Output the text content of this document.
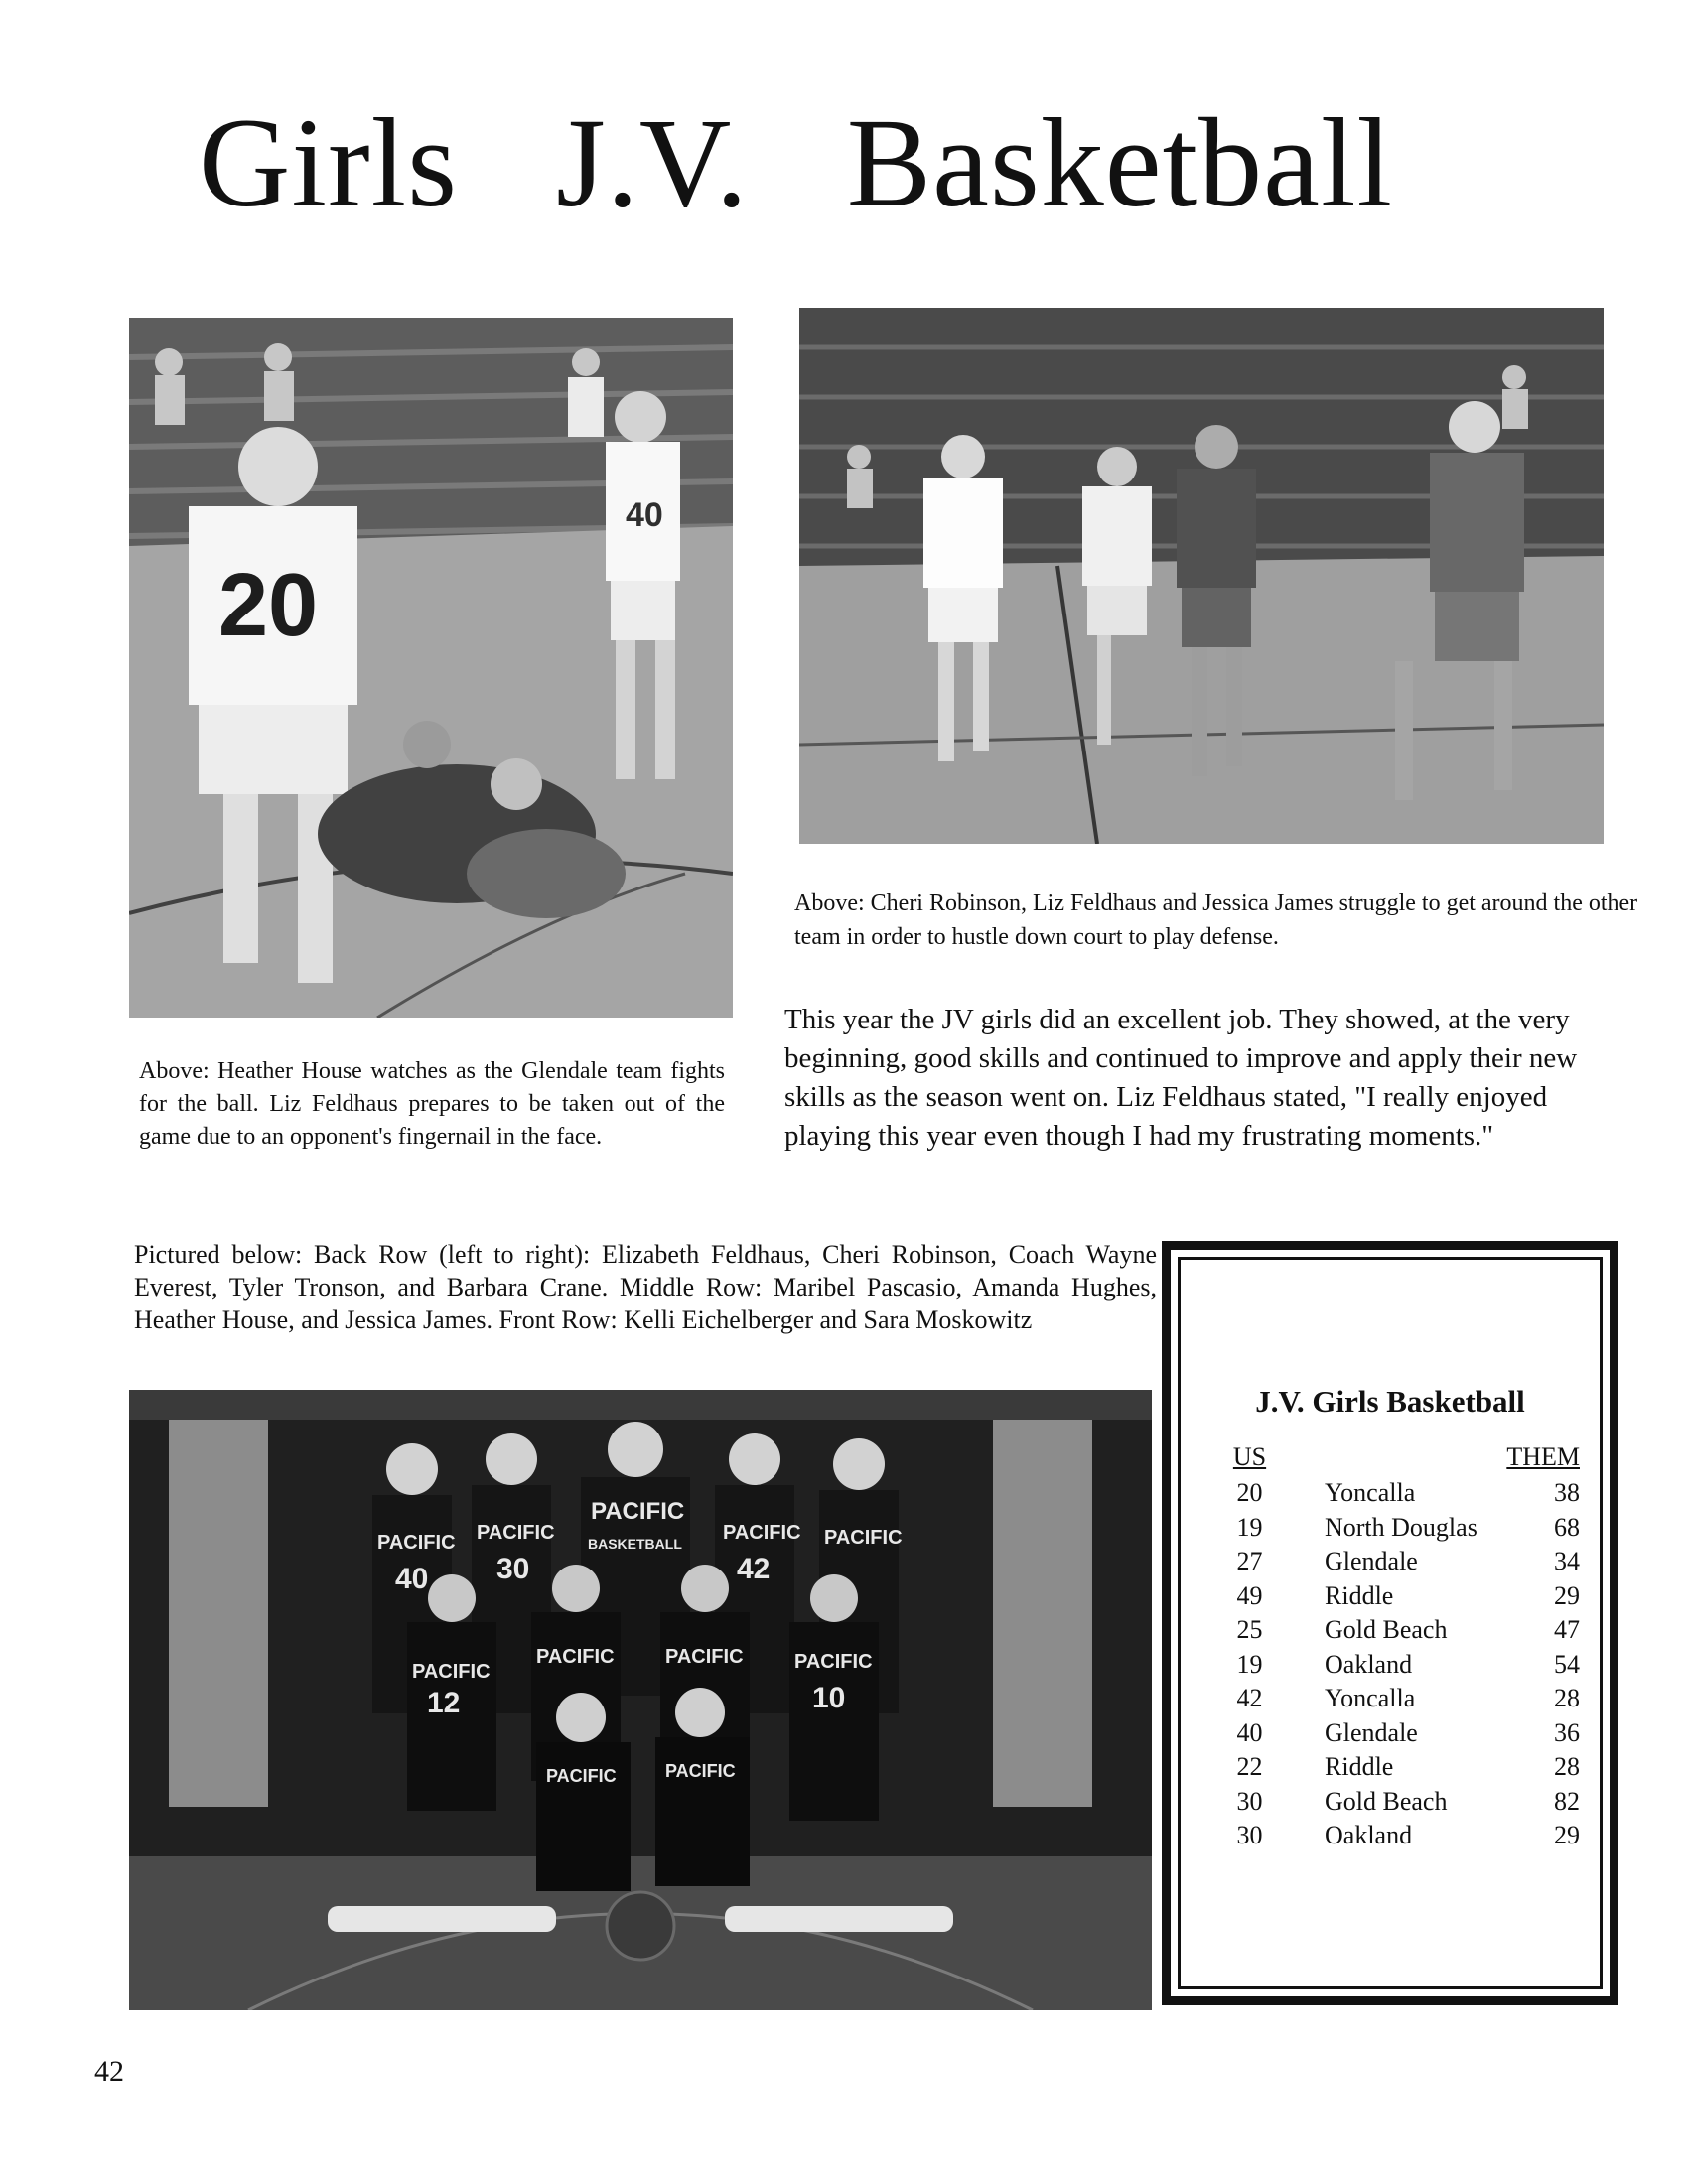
Girls   J.V.   Basketball
20
40

Above: Cheri Robinson, Liz Feldhaus and Jessica James struggle to get around the other team in order to hustle down court to play defense.

Above: Heather House watches as the Glendale team fights for the ball. Liz Feldhaus prepares to be taken out of the game due to an opponent's fingernail in the face.

This year the JV girls did an excellent job. They showed, at the very beginning, good skills and continued to improve and apply their new skills as the season went on. Liz Feldhaus stated, "I really enjoyed playing this year even though I had my frustrating moments."

Pictured below: Back Row (left to right): Elizabeth Feldhaus, Cheri Robinson, Coach Wayne Everest, Tyler Tronson, and Barbara Crane. Middle Row: Maribel Pascasio, Amanda Hughes, Heather House, and Jessica James. Front Row: Kelli Eichelberger and Sara Moskowitz

PACIFIC
40
PACIFIC
30
PACIFIC
BASKETBALL PACIFIC
42
PACIFIC
PACIFIC
12
PACIFIC	PACIFIC	PACIFIC
10
PACIFIC	PACIFIC
J.V. Girls Basketball
US		THEM
20	Yoncalla	38
19	North Douglas	68
27	Glendale	34
49	Riddle	29
25	Gold Beach	47
19	Oakland	54
42	Yoncalla	28
40	Glendale	36
22	Riddle	28
30	Gold Beach	82
30	Oakland	29

42
